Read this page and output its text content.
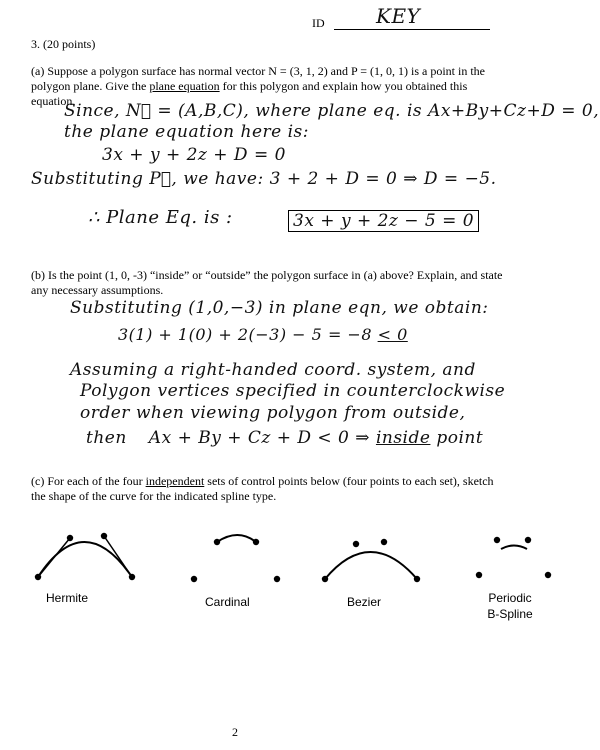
ID	KEY
3. (20 points)
(a) Suppose a polygon surface has normal vector N = (3, 1, 2) and P = (1, 0, 1) is a point in the polygon plane. Give the plane equation for this polygon and explain how you obtained this equation.
Since, N⃗ = (A,B,C), where plane eq. is Ax+By+Cz+D = 0,
the plane equation here is:
3x + y + 2z + D = 0
Substituting P⃗, we have: 3 + 2 + D = 0 ⇒ D = −5.
∴ Plane Eq. is :	3x + y + 2z − 5 = 0
(b) Is the point (1, 0, -3) “inside” or “outside” the polygon surface in (a) above? Explain, and state any necessary assumptions.
Substituting (1,0,−3) in plane eqn, we obtain:
3(1) + 1(0) + 2(−3) − 5 = −8 < 0
Assuming a right-handed coord. system, and
Polygon vertices specified in counterclockwise
order when viewing polygon from outside,
then Ax + By + Cz + D < 0 ⇒ inside point
(c) For each of the four independent sets of control points below (four points to each set), sketch the shape of the curve for the indicated spline type.
Hermite	Cardinal	Bezier	Periodic
B-Spline
2
